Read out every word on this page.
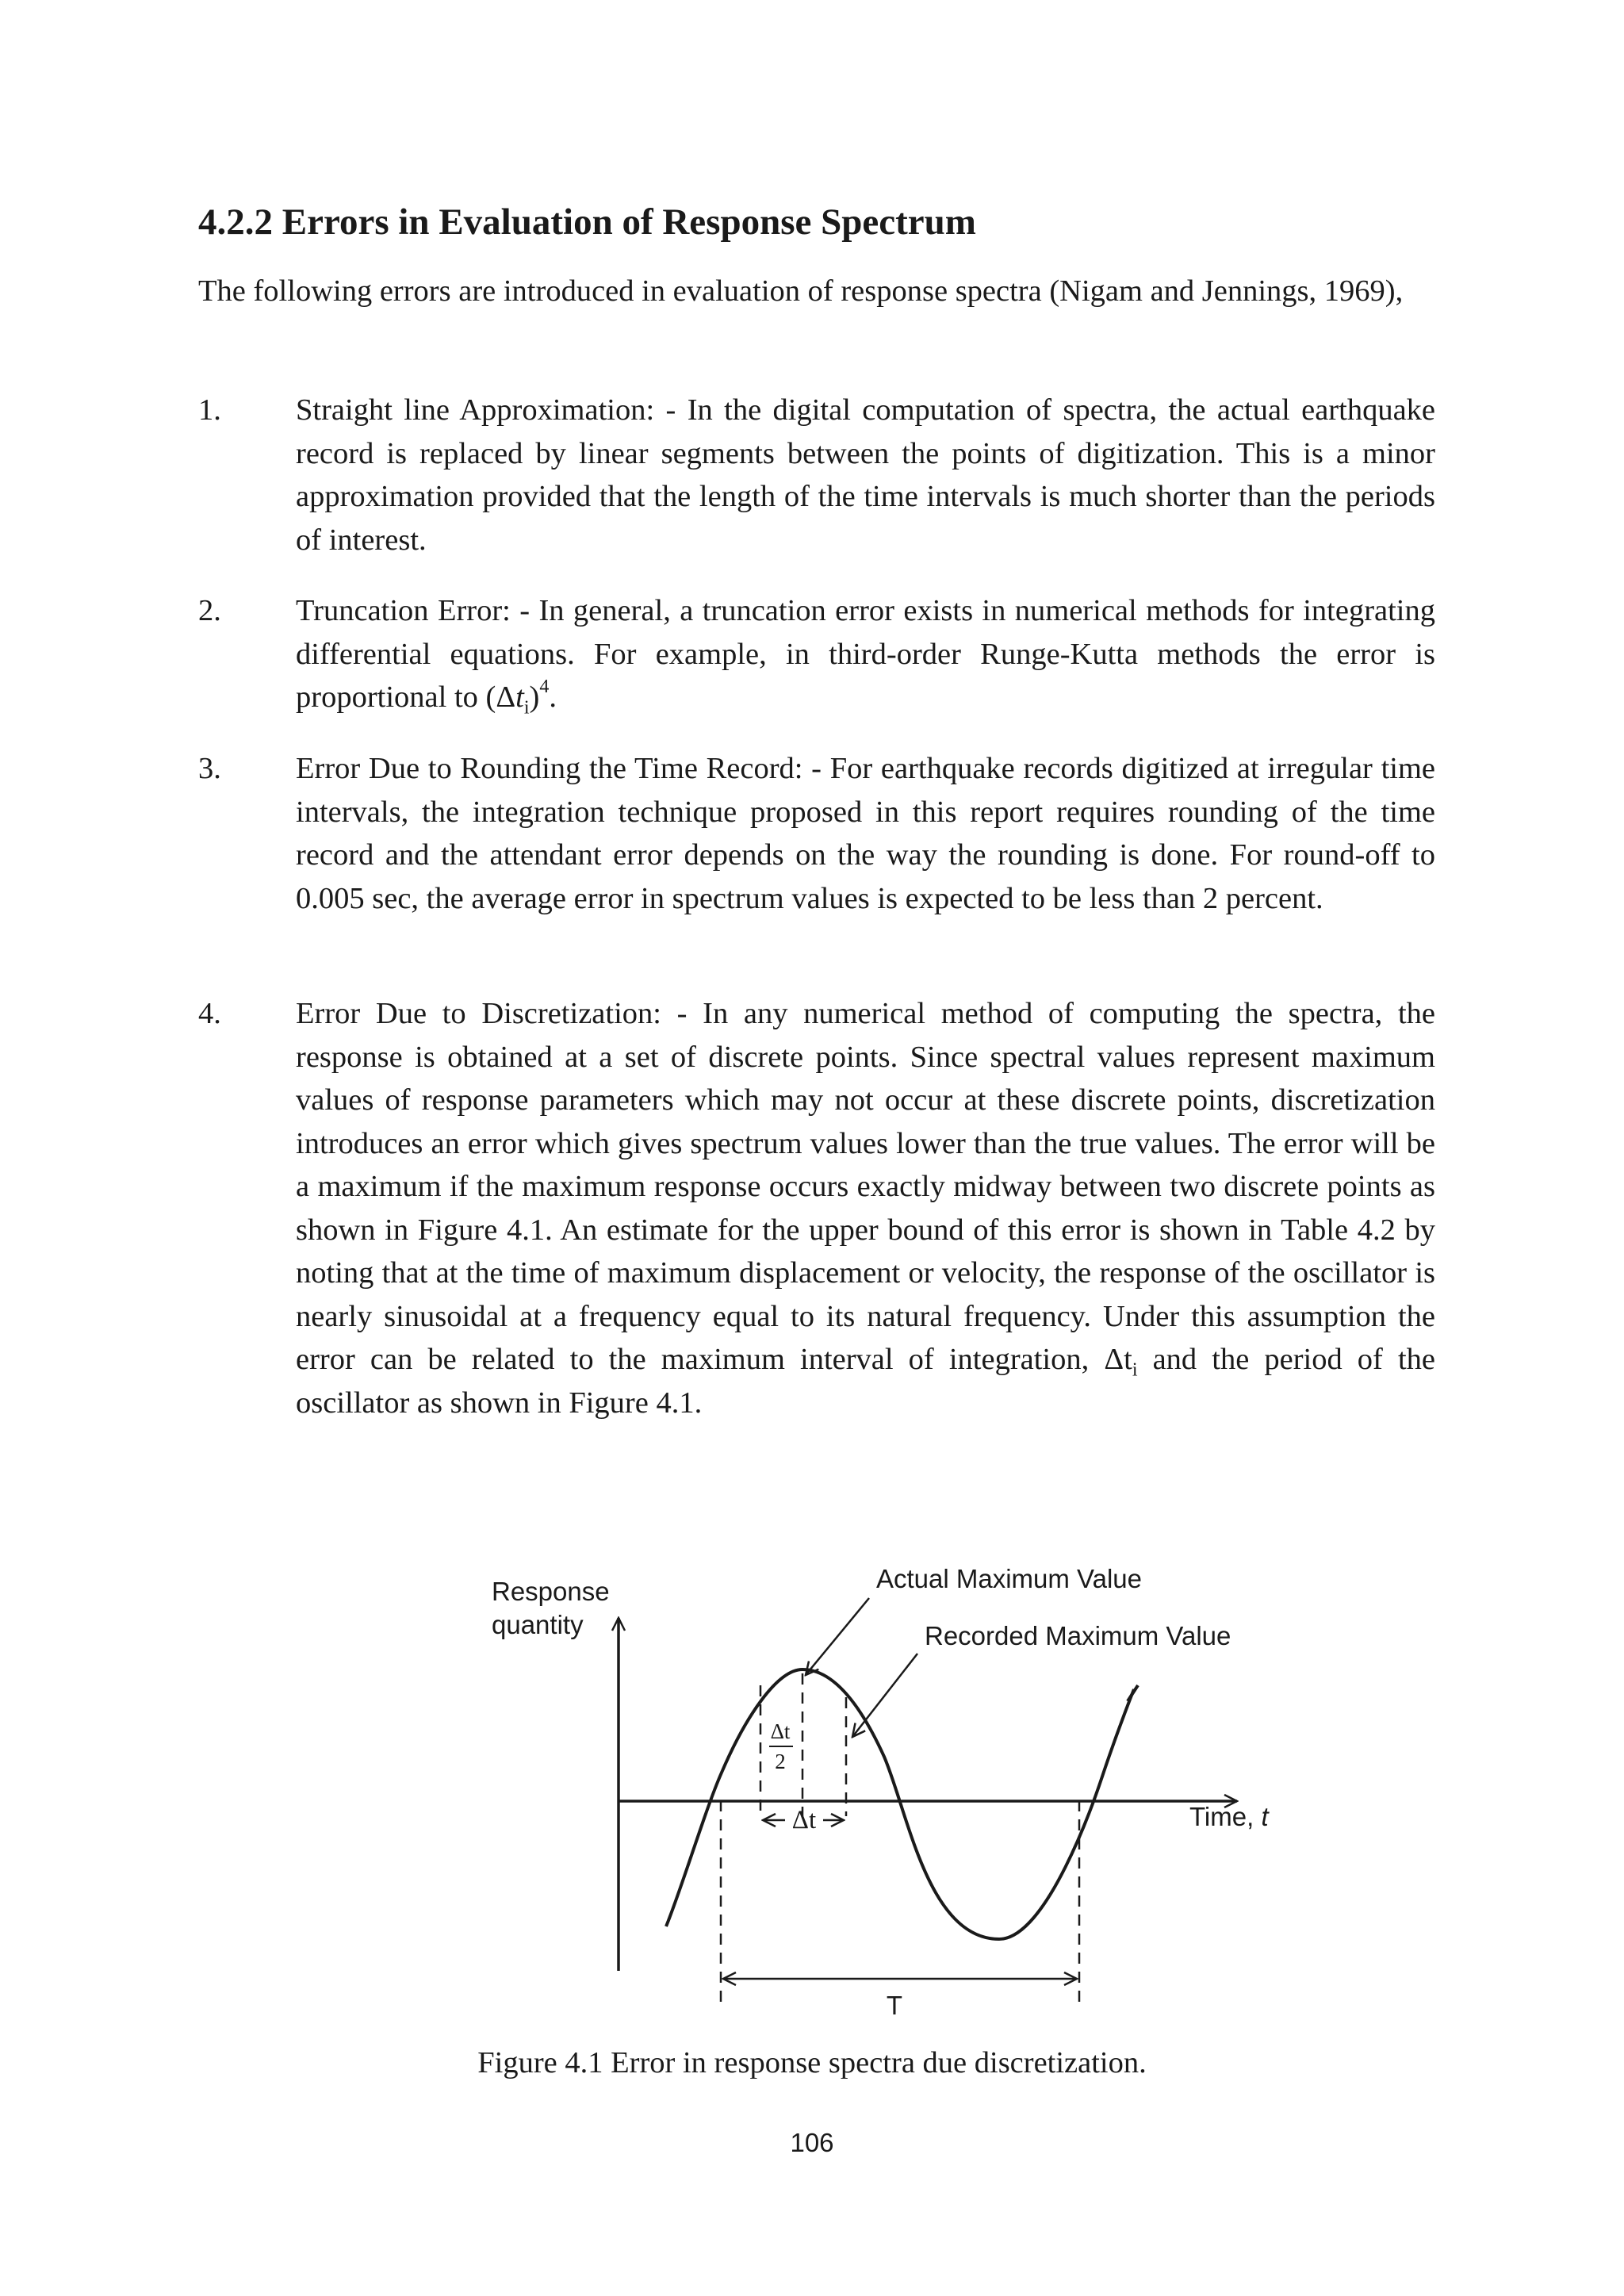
4.2.2 Errors in Evaluation of Response Spectrum

The following errors are introduced in evaluation of response spectra (Nigam and Jennings, 1969),

1. Straight line Approximation: - In the digital computation of spectra, the actual earthquake record is replaced by linear segments between the points of digitization. This is a minor approximation provided that the length of the time intervals is much shorter than the periods of interest.

2. Truncation Error: - In general, a truncation error exists in numerical methods for integrating differential equations. For example, in third-order Runge-Kutta methods the error is proportional to $(\Delta t_i)^4$.

3. Error Due to Rounding the Time Record: - For earthquake records digitized at irregular time intervals, the integration technique proposed in this report requires rounding of the time record and the attendant error depends on the way the rounding is done. For round-off to 0.005 sec, the average error in spectrum values is expected to be less than 2 percent.

4. Error Due to Discretization: - In any numerical method of computing the spectra, the response is obtained at a set of discrete points. Since spectral values represent maximum values of response parameters which may not occur at these discrete points, discretization introduces an error which gives spectrum values lower than the true values. The error will be a maximum if the maximum response occurs exactly midway between two discrete points as shown in Figure 4.1. An estimate for the upper bound of this error is shown in Table 4.2 by noting that at the time of maximum displacement or velocity, the response of the oscillator is nearly sinusoidal at a frequency equal to its natural frequency. Under this assumption the error can be related to the maximum interval of integration, $\Delta t_i$ and the period of the oscillator as shown in Figure 4.1.

Δt
2
Δt
T
Response
quantity
Actual Maximum Value
Recorded Maximum Value
Time, t
Figure 4.1 Error in response spectra due discretization.
106
